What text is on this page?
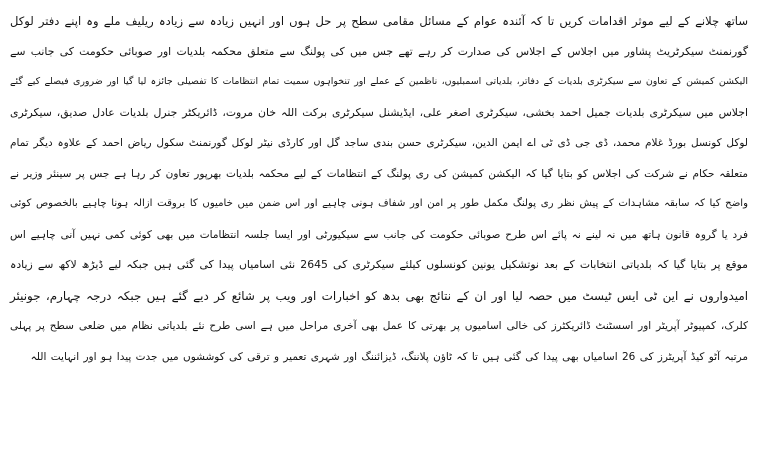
ساتھ چلانے کے لیے موثر اقدامات کریں تا کہ آئندہ عوام کے مسائل مقامی سطح پر حل ہوں اور انہیں زیادہ سے زیادہ ریلیف ملے وہ اپنے دفتر لوکل

گورنمنٹ سیکرٹریٹ پشاور میں اجلاس کے اجلاس کی صدارت کر رہے تھے جس میں کی پولنگ سے متعلق محکمہ بلدیات اور صوبائی حکومت کی جانب سے

الیکشن کمیشن کے تعاون سے سیکرٹری بلدیات کے دفاتر، بلدیاتی اسمبلیوں، ناظمین کے عملے اور تنخواہوں سمیت تمام انتظامات کا تفصیلی جائزہ لیا گیا اور ضروری فیصلے کیے گئے

اجلاس میں سیکرٹری بلدیات جمیل احمد بخشی، سیکرٹری اصغر علی، ایڈیشنل سیکرٹری برکت اللہ خان مروت، ڈائریکٹر جنرل بلدیات عادل صدیق، سیکرٹری

لوکل کونسل بورڈ غلام محمد، ڈی جی ڈی ٹی اے ایمن الدین، سیکرٹری حسن بندی ساجد گل اور کارڈی نیٹر لوکل گورنمنٹ سکول ریاض احمد کے علاوہ دیگر تمام

متعلقہ حکام نے شرکت کی اجلاس کو بتایا گیا کہ الیکشن کمیشن کی ری پولنگ کے انتظامات کے لیے محکمہ بلدیات بھرپور تعاون کر رہا ہے جس پر سینئر وزیر نے

واضح کیا کہ سابقہ مشاہدات کے پیش نظر ری پولنگ مکمل طور پر امن اور شفاف ہونی چاہیے اور اس ضمن میں خامیوں کا بروقت ازالہ ہونا چاہیے بالخصوص کوئی

فرد یا گروہ قانون ہاتھ میں نہ لینے نہ پائے اس طرح صوبائی حکومت کی جانب سے سیکیورٹی اور ایسا جلسہ انتظامات میں بھی کوئی کمی نہیں آنی چاہیے اس

موقع پر بتایا گیا کہ بلدیاتی انتخابات کے بعد نوتشکیل یونین کونسلوں کیلئے سیکرٹری کی 2645 نئی اسامیاں پیدا کی گئی ہیں جبکہ لیے ڈیڑھ لاکھ سے زیادہ

امیدواروں نے این ٹی ایس ٹیسٹ میں حصہ لیا اور ان کے نتائج بھی بدھ کو اخبارات اور ویب پر شائع کر دیے گئے ہیں جبکہ درجہ چہارم، جونیئر

کلرک، کمپیوٹر آپریٹر اور اسسٹنٹ ڈائریکٹرز کی خالی اسامیوں پر بھرتی کا عمل بھی آخری مراحل میں ہے اسی طرح نئے بلدیاتی نظام میں ضلعی سطح پر پہلی

مرتبہ آٹو کیڈ آپریٹرز کی 26 اسامیاں بھی پیدا کی گئی ہیں تا کہ ٹاؤن پلاننگ، ڈیزائننگ اور شہری تعمیر و ترقی کی کوششوں میں جدت پیدا ہو اور انہایت اللہ
